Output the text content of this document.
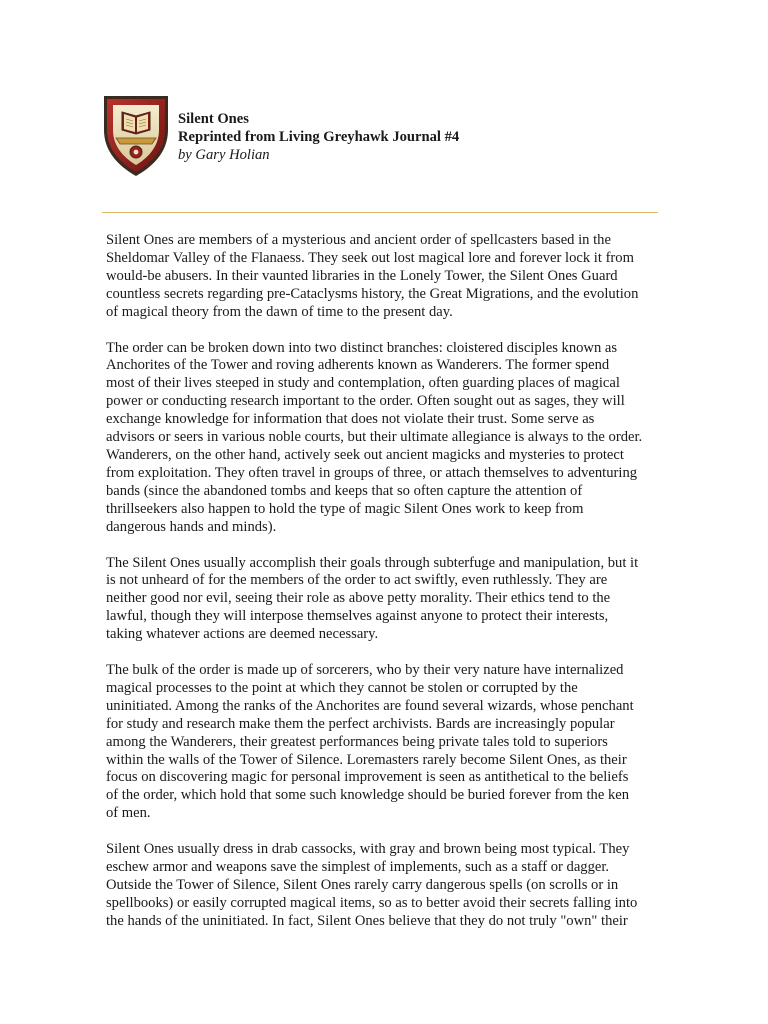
Silent Ones
Reprinted from Living Greyhawk Journal #4
by Gary Holian

Silent Ones are members of a mysterious and ancient order of spellcasters based in the
Sheldomar Valley of the Flanaess. They seek out lost magical lore and forever lock it from
would-be abusers. In their vaunted libraries in the Lonely Tower, the Silent Ones Guard
countless secrets regarding pre-Cataclysms history, the Great Migrations, and the evolution
of magical theory from the dawn of time to the present day.

The order can be broken down into two distinct branches: cloistered disciples known as
Anchorites of the Tower and roving adherents known as Wanderers. The former spend
most of their lives steeped in study and contemplation, often guarding places of magical
power or conducting research important to the order. Often sought out as sages, they will
exchange knowledge for information that does not violate their trust. Some serve as
advisors or seers in various noble courts, but their ultimate allegiance is always to the order.
Wanderers, on the other hand, actively seek out ancient magicks and mysteries to protect
from exploitation. They often travel in groups of three, or attach themselves to adventuring
bands (since the abandoned tombs and keeps that so often capture the attention of
thrillseekers also happen to hold the type of magic Silent Ones work to keep from
dangerous hands and minds).

The Silent Ones usually accomplish their goals through subterfuge and manipulation, but it
is not unheard of for the members of the order to act swiftly, even ruthlessly. They are
neither good nor evil, seeing their role as above petty morality. Their ethics tend to the
lawful, though they will interpose themselves against anyone to protect their interests,
taking whatever actions are deemed necessary.

The bulk of the order is made up of sorcerers, who by their very nature have internalized
magical processes to the point at which they cannot be stolen or corrupted by the
uninitiated. Among the ranks of the Anchorites are found several wizards, whose penchant
for study and research make them the perfect archivists. Bards are increasingly popular
among the Wanderers, their greatest performances being private tales told to superiors
within the walls of the Tower of Silence. Loremasters rarely become Silent Ones, as their
focus on discovering magic for personal improvement is seen as antithetical to the beliefs
of the order, which hold that some such knowledge should be buried forever from the ken
of men.

Silent Ones usually dress in drab cassocks, with gray and brown being most typical. They
eschew armor and weapons save the simplest of implements, such as a staff or dagger.
Outside the Tower of Silence, Silent Ones rarely carry dangerous spells (on scrolls or in
spellbooks) or easily corrupted magical items, so as to better avoid their secrets falling into
the hands of the uninitiated. In fact, Silent Ones believe that they do not truly "own" their
